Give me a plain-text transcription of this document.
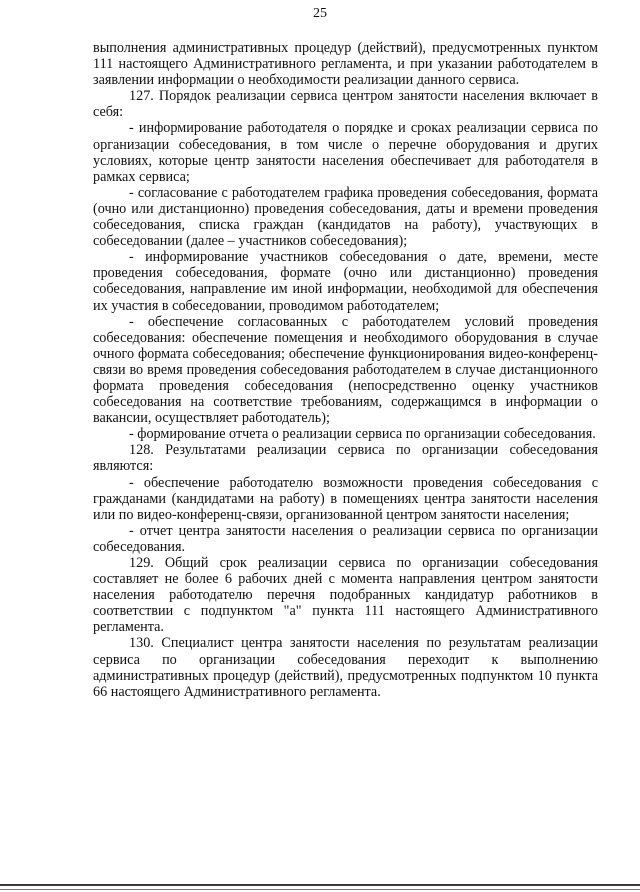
25

выполнения административных процедур (действий), предусмотренных пунктом 111 настоящего Административного регламента, и при указании работодателем в заявлении информации о необходимости реализации данного сервиса.

127. Порядок реализации сервиса центром занятости населения включает в себя:

- информирование работодателя о порядке и сроках реализации сервиса по организации собеседования, в том числе о перечне оборудования и других условиях, которые центр занятости населения обеспечивает для работодателя в рамках сервиса;

- согласование с работодателем графика проведения собеседования, формата (очно или дистанционно) проведения собеседования, даты и времени проведения собеседования, списка граждан (кандидатов на работу), участвующих в собеседовании (далее – участников собеседования);

- информирование участников собеседования о дате, времени, месте проведения собеседования, формате (очно или дистанционно) проведения собеседования, направление им иной информации, необходимой для обеспечения их участия в собеседовании, проводимом работодателем;

- обеспечение согласованных с работодателем условий проведения собеседования: обеспечение помещения и необходимого оборудования в случае очного формата собеседования; обеспечение функционирования видео-конференц-связи во время проведения собеседования работодателем в случае дистанционного формата проведения собеседования (непосредственно оценку участников собеседования на соответствие требованиям, содержащимся в информации о вакансии, осуществляет работодатель);

- формирование отчета о реализации сервиса по организации собеседования.

128. Результатами реализации сервиса по организации собеседования являются:

- обеспечение работодателю возможности проведения собеседования с гражданами (кандидатами на работу) в помещениях центра занятости населения или по видео-конференц-связи, организованной центром занятости населения;

- отчет центра занятости населения о реализации сервиса по организации собеседования.

129. Общий срок реализации сервиса по организации собеседования составляет не более 6 рабочих дней с момента направления центром занятости населения работодателю перечня подобранных кандидатур работников в соответствии с подпунктом "а" пункта 111 настоящего Административного регламента.

130. Специалист центра занятости населения по результатам реализации сервиса по организации собеседования переходит к выполнению административных процедур (действий), предусмотренных подпунктом 10 пункта 66 настоящего Административного регламента.
